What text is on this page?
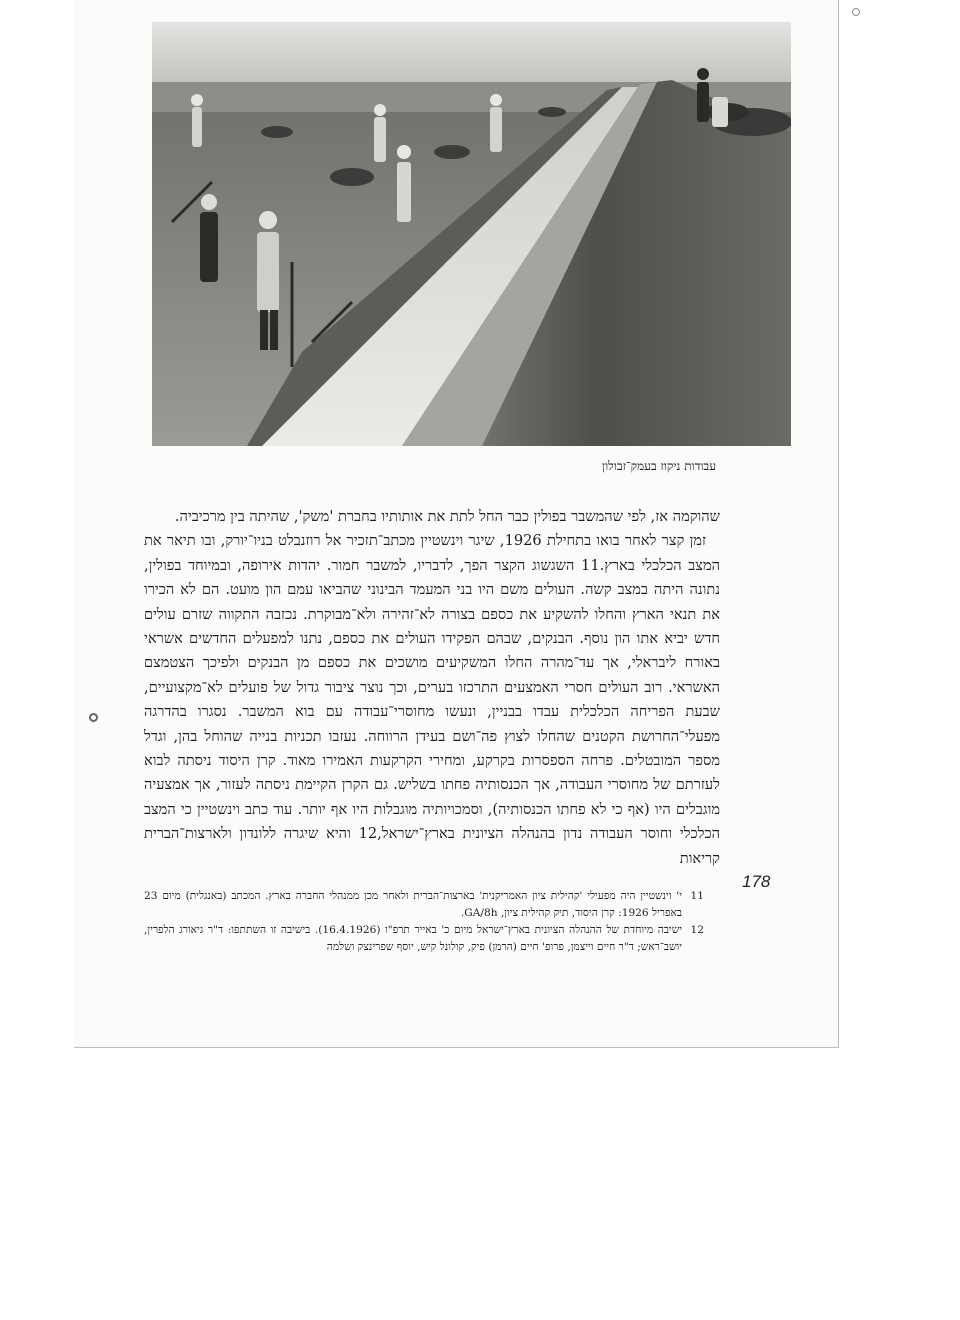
עבודות ניקוז בעמק־זבולון

שהוקמה אז, לפי שהמשבר בפולין כבר החל לתת את אותותיו בחברת 'משק', שהיתה בין מרכיביה.

זמן קצר לאחר בואו בתחילת 1926, שיגר וינשטיין מכתב־תזכיר אל רוזנבלט בניו־יורק, ובו תיאר את המצב הכלכלי בארץ.11 השגשוג הקצר הפך, לדבריו, למשבר חמור. יהדות אירופה, ובמיוחד בפולין, נתונה היתה במצב קשה. העולים משם היו בני המעמד הבינוני שהביאו עמם הון מועט. הם לא הכירו את תנאי הארץ והחלו להשקיע את כספם בצורה לא־זהירה ולא־מבוקרת. נכזבה התקווה שזרם עולים חדש יביא אתו הון נוסף. הבנקים, שבהם הפקידו העולים את כספם, נתנו למפעלים החדשים אשראי באורח ליבראלי, אך עד־מהרה החלו המשקיעים מושכים את כספם מן הבנקים ולפיכך הצטמצם האשראי. רוב העולים חסרי האמצעים התרכזו בערים, וכך נוצר ציבור גדול של פועלים לא־מקצועיים, שבעת הפריחה הכלכלית עבדו בבניין, ונעשו מחוסרי־עבודה עם בוא המשבר. נסגרו בהדרגה מפעלי־החרושת הקטנים שהחלו לצוץ פה־ושם בעידן הרווחה. נעזבו תכניות בנייה שהוחל בהן, וגדל מספר המובטלים. פרחה הספסרות בקרקע, ומחירי הקרקעות האמירו מאוד. קרן היסוד ניסתה לבוא לעזרתם של מחוסרי העבודה, אך הכנסותיה פחתו בשליש. גם הקרן הקיימת ניסתה לעזור, אך אמצעיה מוגבלים היו (אף כי לא פחתו הכנסותיה), וסמכויותיה מוגבלות היו אף יותר. עוד כתב וינשטיין כי המצב הכלכלי וחוסר העבודה נדון בהנהלה הציונית בארץ־ישראל,12 והיא שיגרה ללונדון ולארצות־הברית קריאות

178
11
י' וינשטיין היה מפעילי 'קהילית ציון האמריקנית' בארצות־הברית ולאחר מכן ממנהלי החברה בארץ. המכתב (באנגלית) מיום 23 באפריל 1926: קרן היסוד, תיק קהילית ציון, GA/8h.
12
ישיבה מיוחדת של ההנהלה הציונית בארץ־ישראל מיום כ' באייר תרפ"ו (16.4.1926). בישיבה זו השתתפו: ד"ר גיאורג הלפרין, יושב־ראש; ד"ר חיים וייצמן, פרופ' חיים (הרמן) פיק, קולונל קיש, יוסף שפרינצק ושלמה
